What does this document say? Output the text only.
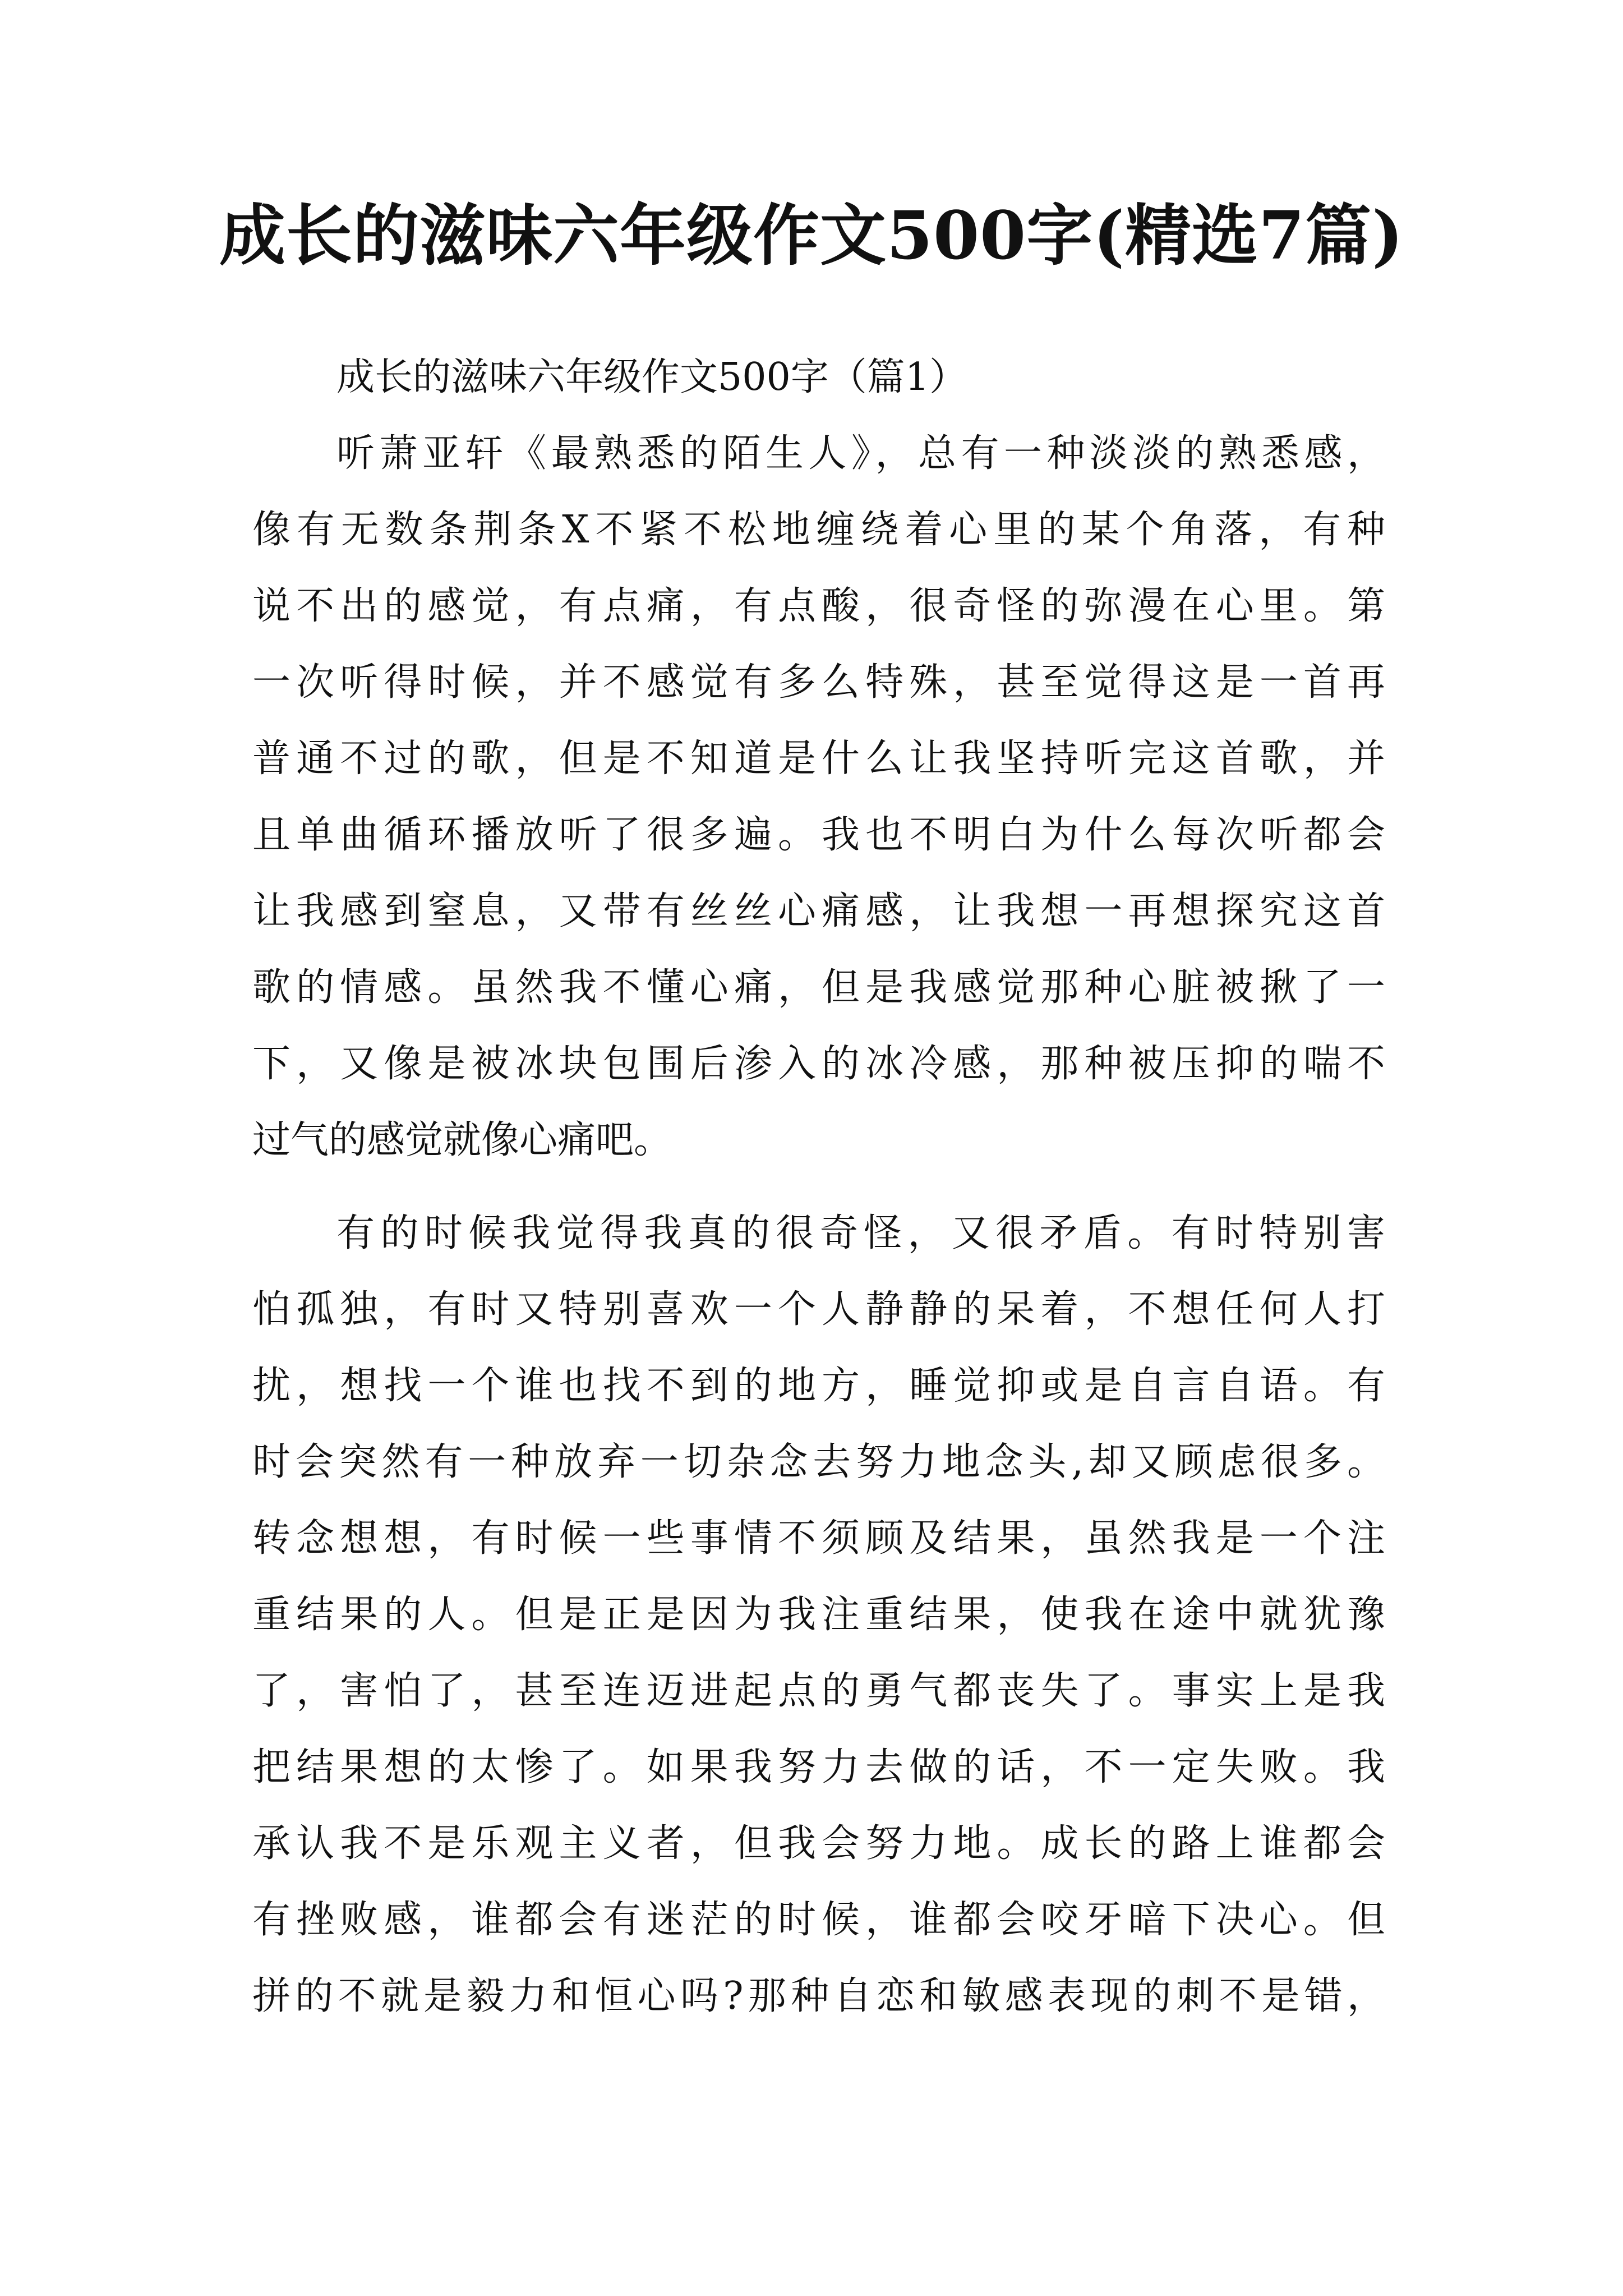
成长的滋味六年级作文500字(精选7篇)
成长的滋味六年级作文500字（篇1）
听萧亚轩《最熟悉的陌生人》，总有一种淡淡的熟悉感，
像有无数条荆条X不紧不松地缠绕着心里的某个角落，有种
说不出的感觉，有点痛，有点酸，很奇怪的弥漫在心里。第
一次听得时候，并不感觉有多么特殊，甚至觉得这是一首再
普通不过的歌，但是不知道是什么让我坚持听完这首歌，并
且单曲循环播放听了很多遍。我也不明白为什么每次听都会
让我感到窒息，又带有丝丝心痛感，让我想一再想探究这首
歌的情感。虽然我不懂心痛，但是我感觉那种心脏被揪了一
下，又像是被冰块包围后渗入的冰冷感，那种被压抑的喘不
过气的感觉就像心痛吧。
有的时候我觉得我真的很奇怪，又很矛盾。有时特别害
怕孤独，有时又特别喜欢一个人静静的呆着，不想任何人打
扰，想找一个谁也找不到的地方，睡觉抑或是自言自语。有
时会突然有一种放弃一切杂念去努力地念头,却又顾虑很多。
转念想想，有时候一些事情不须顾及结果，虽然我是一个注
重结果的人。但是正是因为我注重结果，使我在途中就犹豫
了，害怕了，甚至连迈进起点的勇气都丧失了。事实上是我
把结果想的太惨了。如果我努力去做的话，不一定失败。我
承认我不是乐观主义者，但我会努力地。成长的路上谁都会
有挫败感，谁都会有迷茫的时候，谁都会咬牙暗下决心。但
拼的不就是毅力和恒心吗?那种自恋和敏感表现的刺不是错，
